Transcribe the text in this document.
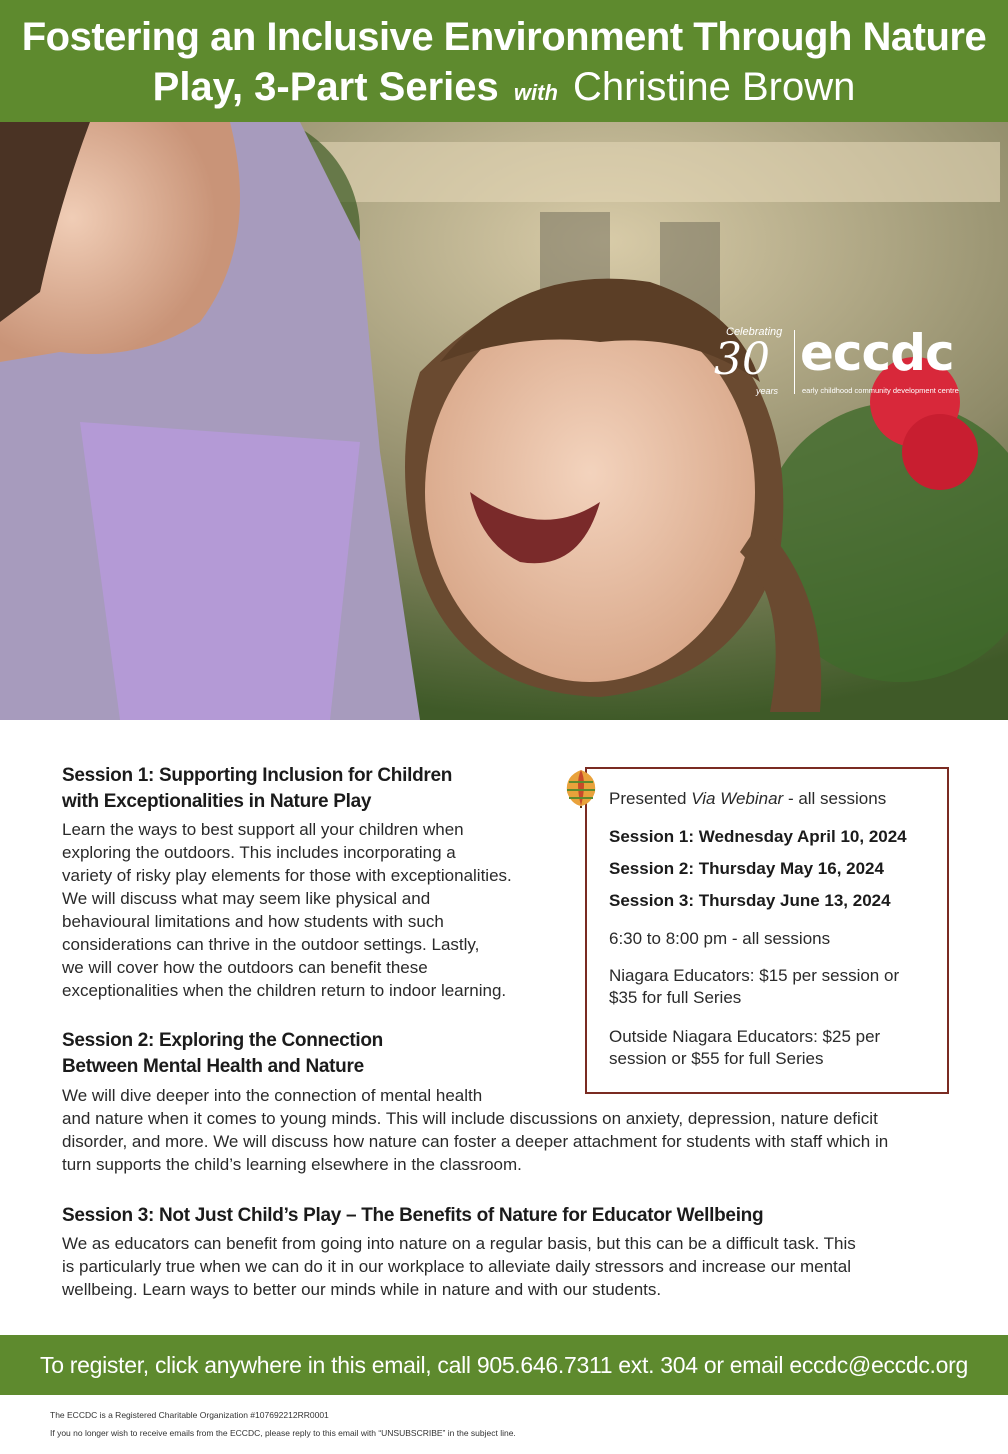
Fostering an Inclusive Environment Through Nature
Play, 3-Part Series with Christine Brown
Celebrating
30
years
eccdc
early childhood community development centre
Session 1: Supporting Inclusion for Children
with Exceptionalities in Nature Play
Learn the ways to best support all your children when
exploring the outdoors. This includes incorporating a
variety of risky play elements for those with exceptionalities.
We will discuss what may seem like physical and
behavioural limitations and how students with such
considerations can thrive in the outdoor settings. Lastly,
we will cover how the outdoors can benefit these
exceptionalities when the children return to indoor learning.
Session 2: Exploring the Connection
Between Mental Health and Nature
We will dive deeper into the connection of mental health
and nature when it comes to young minds. This will include discussions on anxiety, depression, nature deficit
disorder, and more. We will discuss how nature can foster a deeper attachment for students with staff which in
turn supports the child’s learning elsewhere in the classroom.
Session 3: Not Just Child’s Play – The Benefits of Nature for Educator Wellbeing
We as educators can benefit from going into nature on a regular basis, but this can be a difficult task. This
is particularly true when we can do it in our workplace to alleviate daily stressors and increase our mental
wellbeing. Learn ways to better our minds while in nature and with our students.
Presented Via Webinar - all sessions
Session 1: Wednesday April 10, 2024
Session 2: Thursday May 16, 2024
Session 3: Thursday June 13, 2024
6:30 to 8:00 pm - all sessions
Niagara Educators: $15 per session or
$35 for full Series
Outside Niagara Educators: $25 per
session or $55 for full Series
To register, click anywhere in this email, call 905.646.7311 ext. 304 or email eccdc@eccdc.org
The ECCDC is a Registered Charitable Organization #107692212RR0001
If you no longer wish to receive emails from the ECCDC, please reply to this email with “UNSUBSCRIBE” in the subject line.
